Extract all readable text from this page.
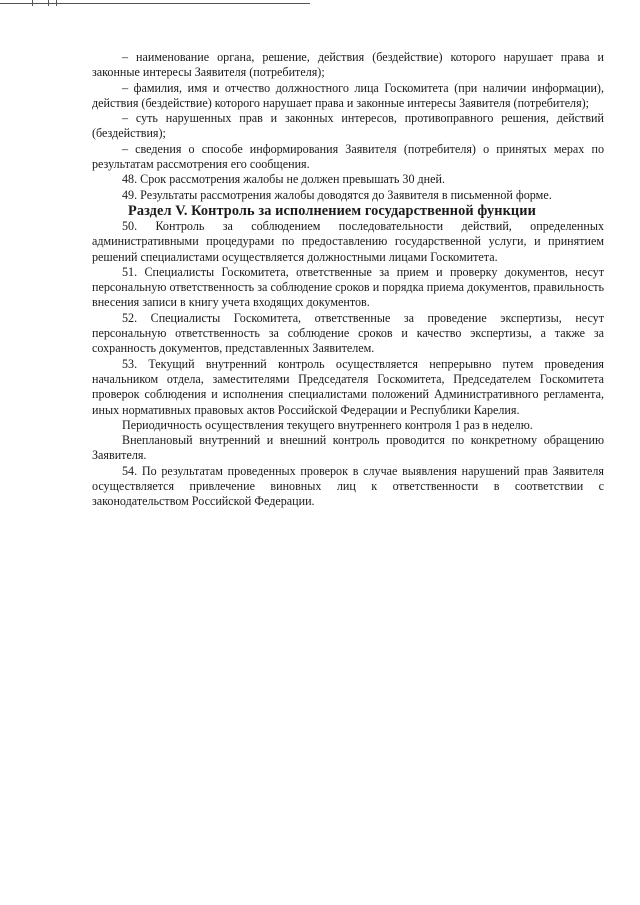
– наименование органа, решение, действия (бездействие) которого нарушает права и законные интересы Заявителя (потребителя);

– фамилия, имя и отчество должностного лица Госкомитета (при наличии информации), действия (бездействие) которого нарушает права и законные интересы Заявителя (потребителя);

– суть нарушенных прав и законных интересов, противоправного решения, действий (бездействия);

– сведения о способе информирования Заявителя (потребителя) о принятых мерах по результатам рассмотрения его сообщения.

48. Срок рассмотрения жалобы не должен превышать 30 дней.

49. Результаты рассмотрения жалобы доводятся до Заявителя в письменной форме.

Раздел V. Контроль за исполнением государственной функции

50. Контроль за соблюдением последовательности действий, определенных административными процедурами по предоставлению государственной услуги, и принятием решений специалистами осуществляется должностными лицами Госкомитета.

51. Специалисты Госкомитета, ответственные за прием и проверку документов, несут персональную ответственность за соблюдение сроков и порядка приема документов, правильность внесения записи в книгу учета входящих документов.

52. Специалисты Госкомитета, ответственные за проведение экспертизы, несут персональную ответственность за соблюдение сроков и качество экспертизы, а также за сохранность документов, представленных Заявителем.

53. Текущий внутренний контроль осуществляется непрерывно путем проведения начальником отдела, заместителями Председателя Госкомитета, Председателем Госкомитета проверок соблюдения и исполнения специалистами положений Административного регламента, иных нормативных правовых актов Российской Федерации и Республики Карелия.

Периодичность осуществления текущего внутреннего контроля 1 раз в неделю.

Внеплановый внутренний и внешний контроль проводится по конкретному обращению Заявителя.

54. По результатам проведенных проверок в случае выявления нарушений прав Заявителя осуществляется привлечение виновных лиц к ответственности в соответствии с законодательством Российской Федерации.
